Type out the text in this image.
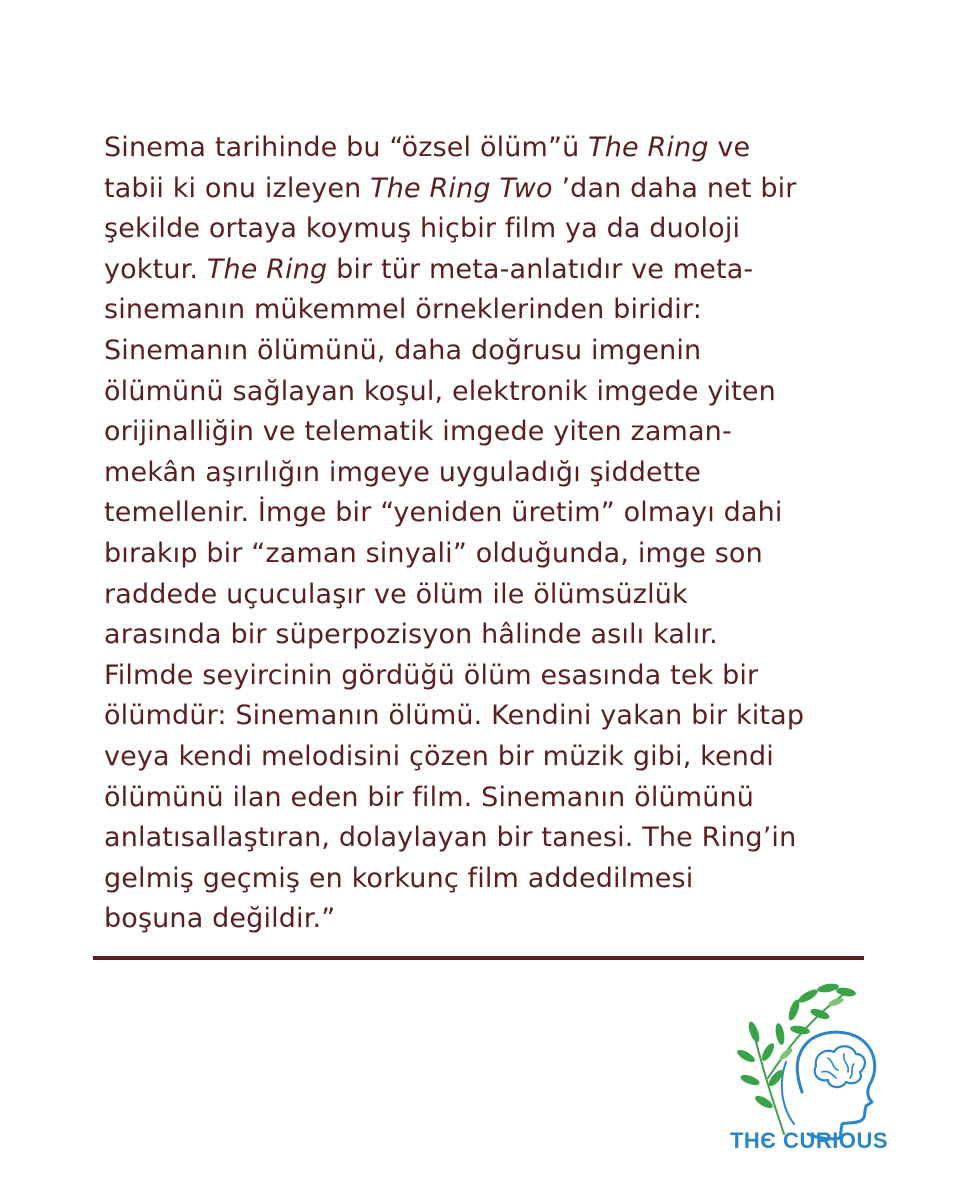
Sinema tarihinde bu “özsel ölüm”ü The Ring ve
tabii ki onu izleyen The Ring Two ’dan daha net bir
şekilde ortaya koymuş hiçbir film ya da duoloji
yoktur. The Ring bir tür meta-anlatıdır ve meta-
sinemanın mükemmel örneklerinden biridir:
Sinemanın ölümünü, daha doğrusu imgenin
ölümünü sağlayan koşul, elektronik imgede yiten
orijinalliğin ve telematik imgede yiten zaman-
mekân aşırılığın imgeye uyguladığı şiddette
temellenir. İmge bir “yeniden üretim” olmayı dahi
bırakıp bir “zaman sinyali” olduğunda, imge son
raddede uçuculaşır ve ölüm ile ölümsüzlük
arasında bir süperpozisyon hâlinde asılı kalır.
Filmde seyircinin gördüğü ölüm esasında tek bir
ölümdür: Sinemanın ölümü. Kendini yakan bir kitap
veya kendi melodisini çözen bir müzik gibi, kendi
ölümünü ilan eden bir film. Sinemanın ölümünü
anlatısallaştıran, dolaylayan bir tanesi. The Ring’in
gelmiş geçmiş en korkunç film addedilmesi
boşuna değildir.”
THЄ CURIOUS
